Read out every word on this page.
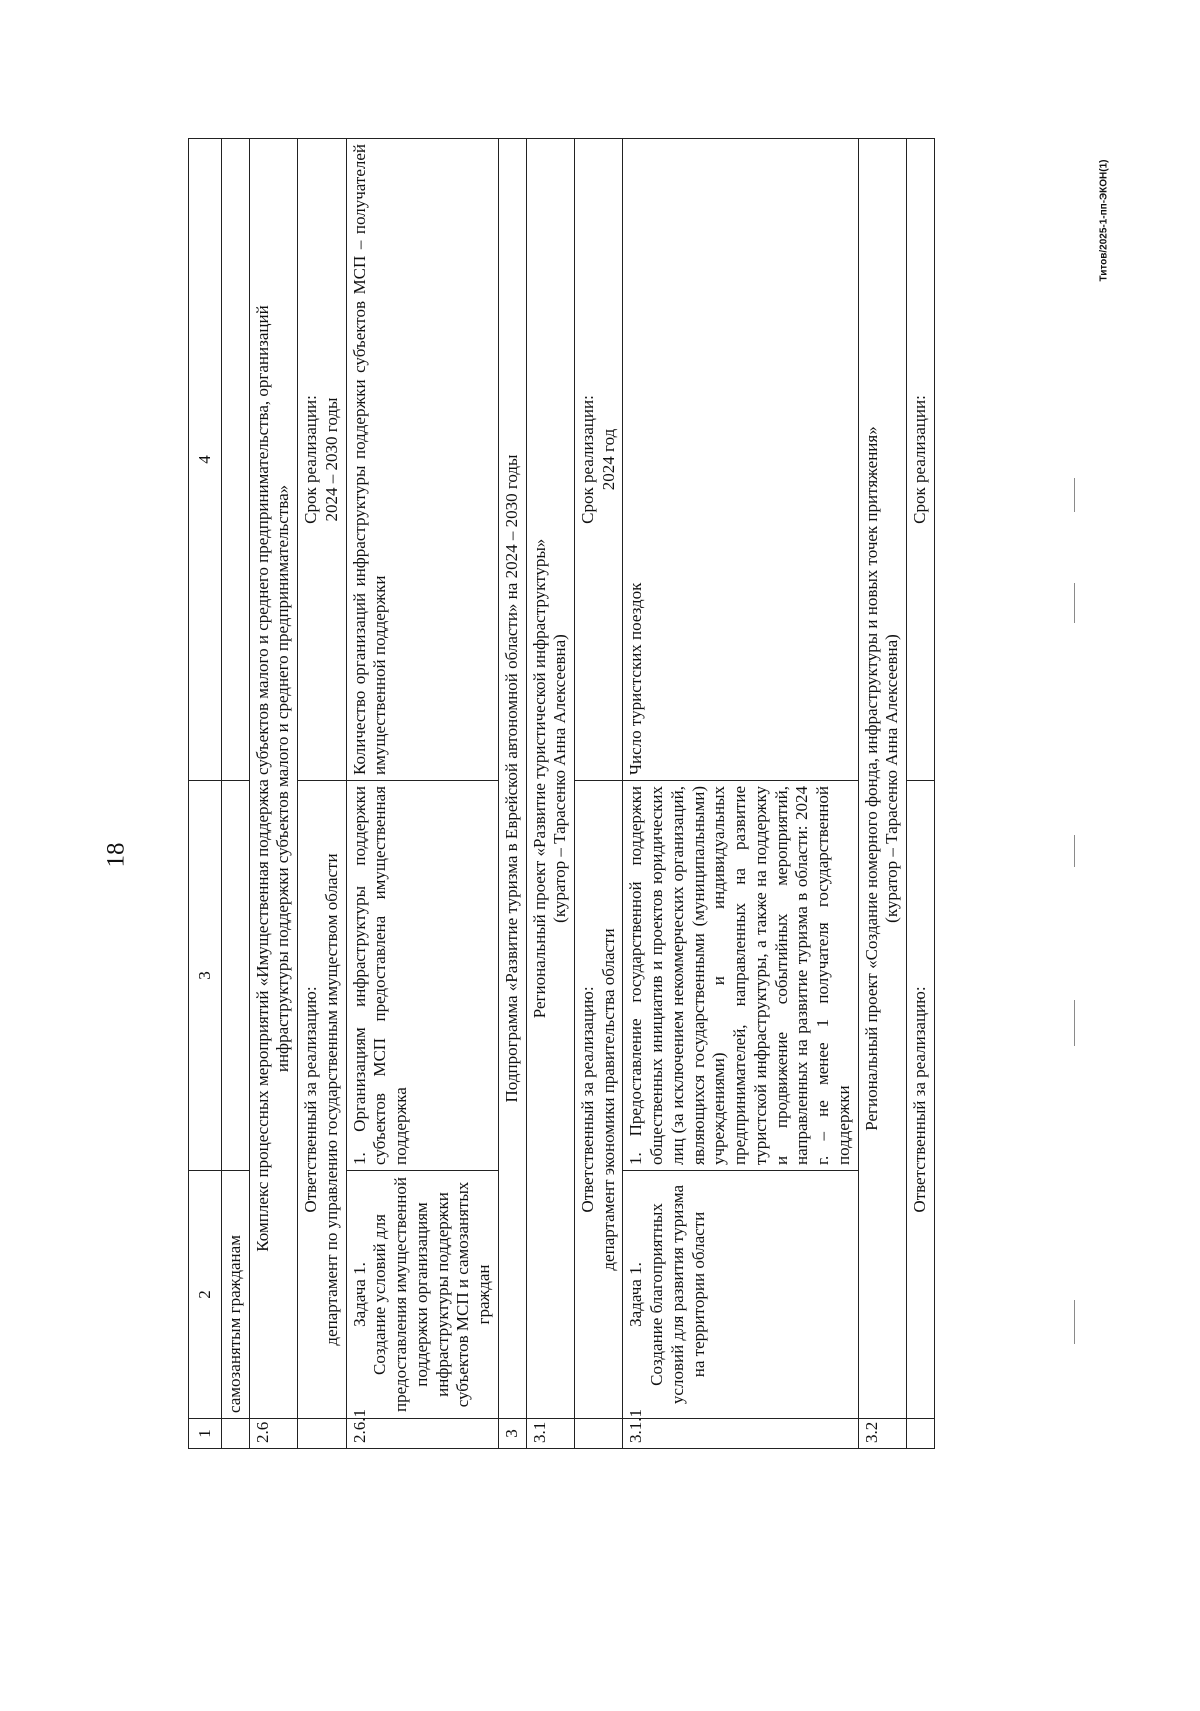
18
Титов/2025-1-пп-ЭКОН(1)
1	2	3	4
	самозанятым гражданам		
2.6	Комплекс процессных мероприятий «Имущественная поддержка субъектов малого и среднего предпринимательства, организаций инфраструктуры поддержки субъектов малого и среднего предпринимательства»		

	Ответственный за реализацию: департамент по управлению государственным имуществом области		Срок реализации: 2024 – 2030 годы

2.6.1	Задача 1. Создание условий для предоставления имущественной поддержки организациям инфраструктуры поддержки субъектов МСП и самозанятых граждан	1. Организациям инфраструктуры поддержки субъектов МСП предоставлена имущественная поддержка	Количество организаций инфраструктуры поддержки субъектов МСП – получателей имущественной поддержки
3	Подпрограмма «Развитие туризма в Еврейской автономной области» на 2024 – 2030 годы		
3.1	Региональный проект «Развитие туристической инфраструктуры» (куратор – Тарасенко Анна Алексеевна)		

	Ответственный за реализацию: департамент экономики правительства области		Срок реализации: 2024 год

3.1.1	Задача 1. Создание благоприятных условий для развития туризма на территории области	1. Предоставление государственной поддержки общественных инициатив и проектов юридических лиц (за исключением некоммерческих организаций, являющихся государственными (муниципальными) учреждениями) и индивидуальных предпринимателей, направленных на развитие туристской инфраструктуры, а также на поддержку и продвижение событийных мероприятий, направленных на развитие туризма в области: 2024 г. – не менее 1 получателя государственной поддержки	Число туристских поездок
3.2	Региональный проект «Создание номерного фонда, инфраструктуры и новых точек притяжения» (куратор – Тарасенко Анна Алексеевна)		

	Ответственный за реализацию:		Срок реализации:
